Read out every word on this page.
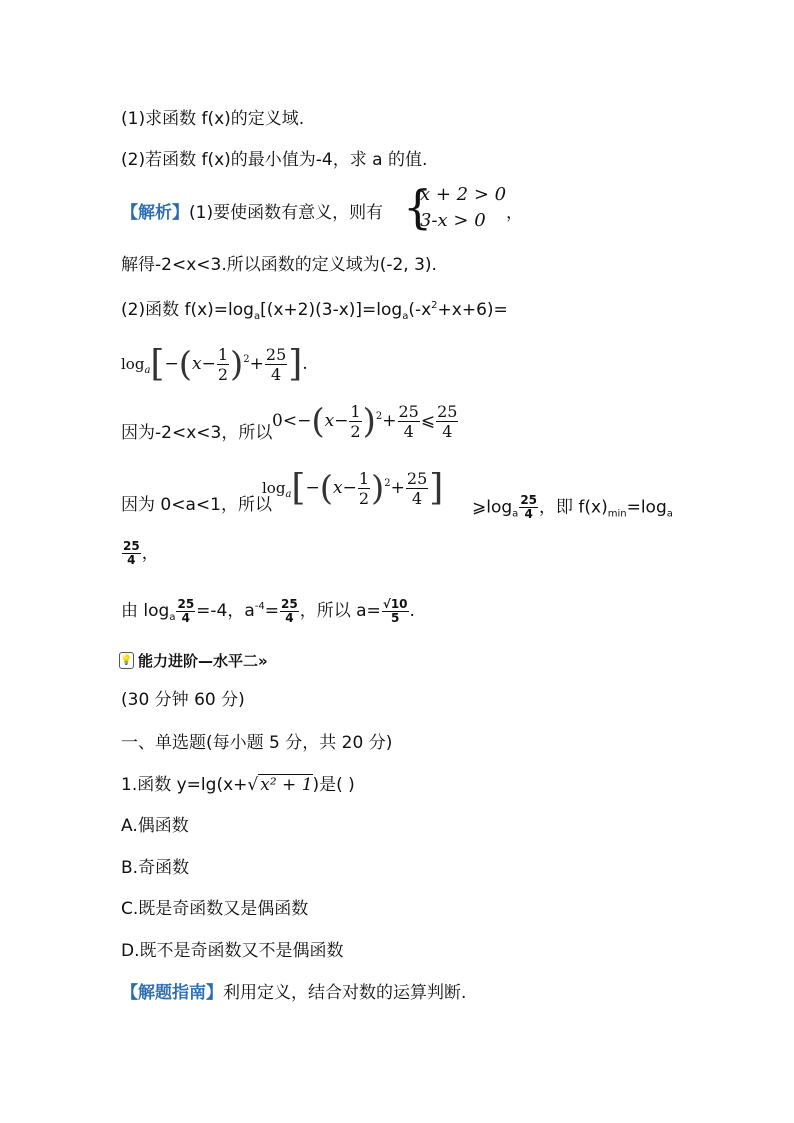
(1)求函数 f(x)的定义域.
(2)若函数 f(x)的最小值为-4，求 a 的值.
【解析】(1)要使函数有意义，则有 {
x + 2 > 0
3-x > 0 ，
解得-2<x<3.所以函数的定义域为(-2, 3).
(2)函数 $f(x)=\log_a[(x+2)(3-x)]=\log_a(-x^2+x+6)=$
$\log_a[-(x- \frac{1}{2} )^2+ \frac{25}{4}$ ].
因为-2<x<3，所以
$0<-(x- \frac{1}{2} )^2+ \frac{25}{4}$ ⩽ $\frac{25}{4}$
因为 0<a<1，所以
$\log_a[-(x- \frac{1}{2} )^2+ \frac{25}{4}$ ] $⩾\log_a \frac{25}{4}$ ，即 $f(x)_{min}=\log_a$
$\frac{25}{4}$ ，
由 $\log_a \frac{25}{4} =-4$，$a^{-4}= \frac{25}{4}$ ，所以 $a= \frac{√10}{5}$ .
💡 能力进阶—水平二»
(30 分钟 60 分)
一、单选题(每小题 5 分，共 20 分)
1.函数 y=lg(x+√ x² + 1)是( )
A.偶函数
B.奇函数
C.既是奇函数又是偶函数
D.既不是奇函数又不是偶函数
【解题指南】利用定义，结合对数的运算判断.
